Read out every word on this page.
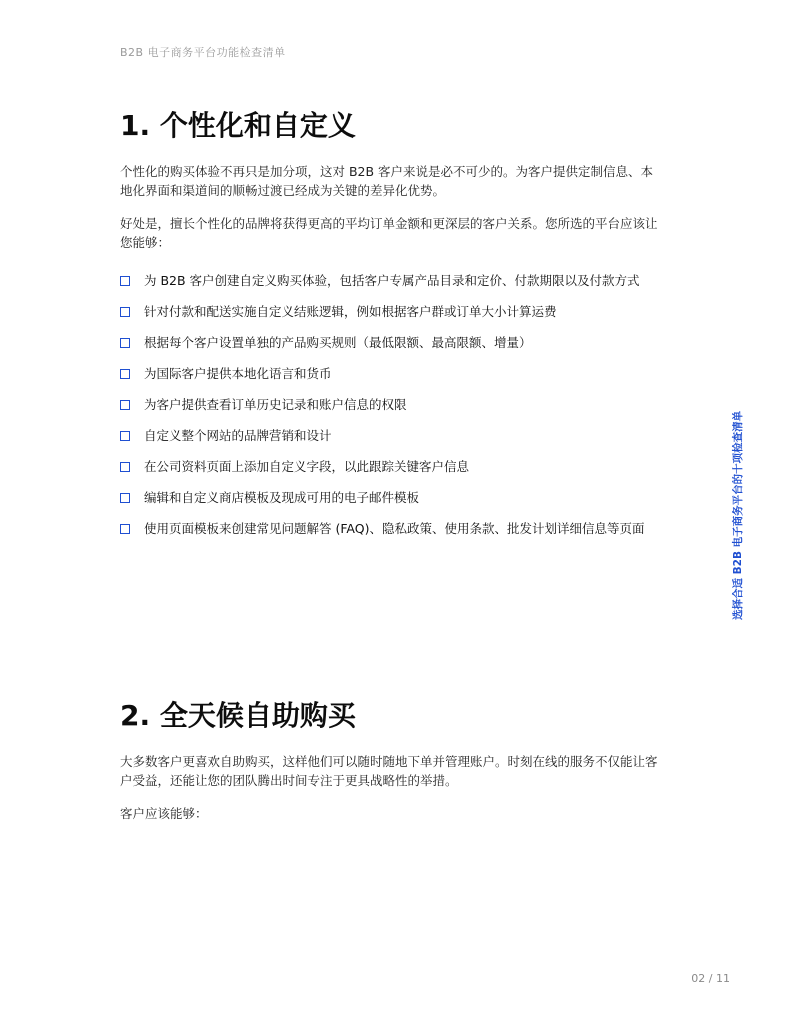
B2B 电子商务平台功能检查清单
1. 个性化和自定义

个性化的购买体验不再只是加分项，这对 B2B 客户来说是必不可少的。为客户提供定制信息、本地化界面和渠道间的顺畅过渡已经成为关键的差异化优势。

好处是，擅长个性化的品牌将获得更高的平均订单金额和更深层的客户关系。您所选的平台应该让您能够：

为 B2B 客户创建自定义购买体验，包括客户专属产品目录和定价、付款期限以及付款方式
针对付款和配送实施自定义结账逻辑，例如根据客户群或订单大小计算运费
根据每个客户设置单独的产品购买规则（最低限额、最高限额、增量）
为国际客户提供本地化语言和货币
为客户提供查看订单历史记录和账户信息的权限
自定义整个网站的品牌营销和设计
在公司资料页面上添加自定义字段，以此跟踪关键客户信息
编辑和自定义商店模板及现成可用的电子邮件模板
使用页面模板来创建常见问题解答 (FAQ)、隐私政策、使用条款、批发计划详细信息等页面
2. 全天候自助购买

大多数客户更喜欢自助购买，这样他们可以随时随地下单并管理账户。时刻在线的服务不仅能让客户受益，还能让您的团队腾出时间专注于更具战略性的举措。

客户应该能够：

选择合适 B2B 电子商务平台的十项检查清单
02 / 11
